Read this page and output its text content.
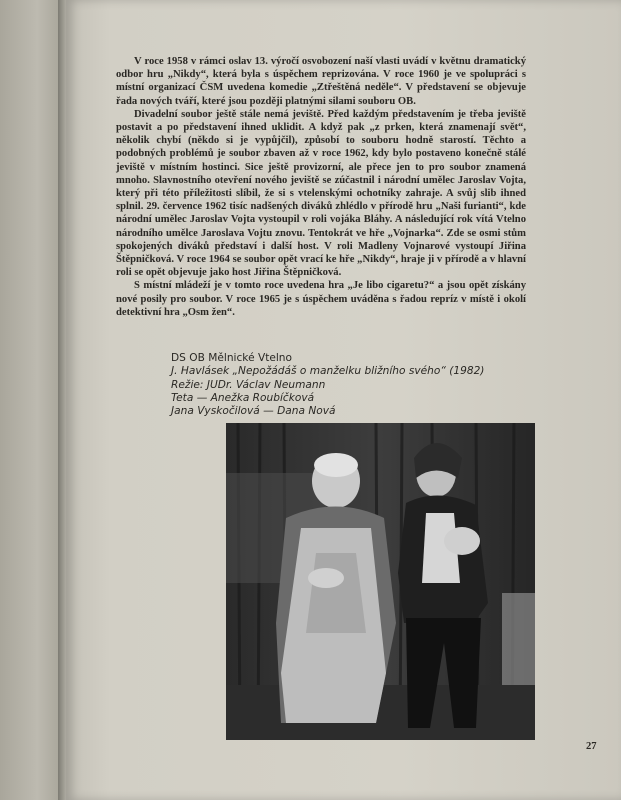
V roce 1958 v rámci oslav 13. výročí osvobození naší vlasti uvádí v květnu dramatický odbor hru „Nikdy“, která byla s úspěchem reprizována. V roce 1960 je ve spolupráci s místní organizací ČSM uvedena komedie „Ztřeštěná neděle“. V představení se objevuje řada nových tváří, které jsou později platnými silami souboru OB.

Divadelní soubor ještě stále nemá jeviště. Před každým představením je třeba jeviště postavit a po představení ihned uklidit. A když pak „z prken, která znamenají svět“, několik chybí (někdo si je vypůjčil), způsobí to souboru hodně starostí. Těchto a podobných problémů je soubor zbaven až v roce 1962, kdy bylo postaveno konečně stálé jeviště v místním hostinci. Sice ještě provizorní, ale přece jen to pro soubor znamená mnoho. Slavnostního otevření nového jeviště se zúčastnil i národní umělec Jaroslav Vojta, který při této příležitosti slíbil, že si s vtelenskými ochotníky zahraje. A svůj slib ihned splnil. 29. července 1962 tisíc nadšených diváků zhlédlo v přírodě hru „Naši furianti“, kde národní umělec Jaroslav Vojta vystoupil v roli vojáka Bláhy. A následující rok vítá Vtelno národního umělce Jaroslava Vojtu znovu. Tentokrát ve hře „Vojnarka“. Zde se osmi stům spokojených diváků představí i další host. V roli Madleny Vojnarové vystoupí Jiřina Štěpničková. V roce 1964 se soubor opět vrací ke hře „Nikdy“, hraje ji v přírodě a v hlavní roli se opět objevuje jako host Jiřina Štěpničková.

S místní mládeží je v tomto roce uvedena hra „Je libo cigaretu?“ a jsou opět získány nové posily pro soubor. V roce 1965 je s úspěchem uváděna s řadou repríz v místě i okolí detektivní hra „Osm žen“.

DS OB Mělnické Vtelno
J. Havlásek „Nepožádáš o manželku bližního svého“ (1982)
Režie: JUDr. Václav Neumann
Teta — Anežka Roubíčková
Jana Vyskočilová — Dana Nová
27
